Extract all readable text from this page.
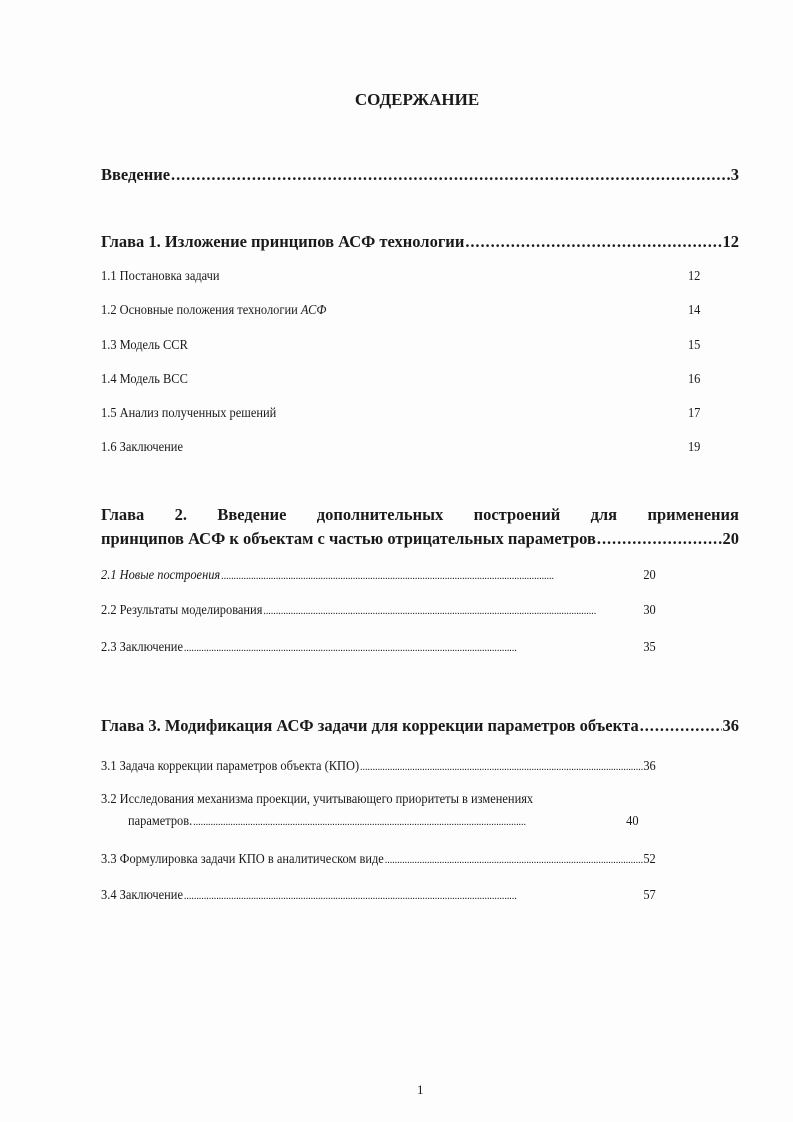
СОДЕРЖАНИЕ
Введение . . .	3
Глава 1. Изложение принципов АСФ технологии . . .	12
1.1 Постановка задачи	12
1.2 Основные положения технологии АСФ	14
1.3 Модель CCR	15
1.4 Модель BCC	16
1.5 Анализ полученных решений	17
1.6 Заключение	19
Глава 2. Введение дополнительных построений для применения
принципов АСФ к объектам с частью отрицательных параметров . . .	20
2.1 Новые построения . . .	20
2.2 Результаты моделирования . . .	30
2.3 Заключение . . .	35
Глава 3. Модификация АСФ задачи для коррекции параметров объекта . . .	36
3.1 Задача коррекции параметров объекта (КПО) . . .	36
3.2 Исследования механизма проекции, учитывающего приоритеты в изменениях
параметров. . . .	40
3.3 Формулировка задачи КПО в аналитическом виде . . .	52
3.4 Заключение . . .	57
1
